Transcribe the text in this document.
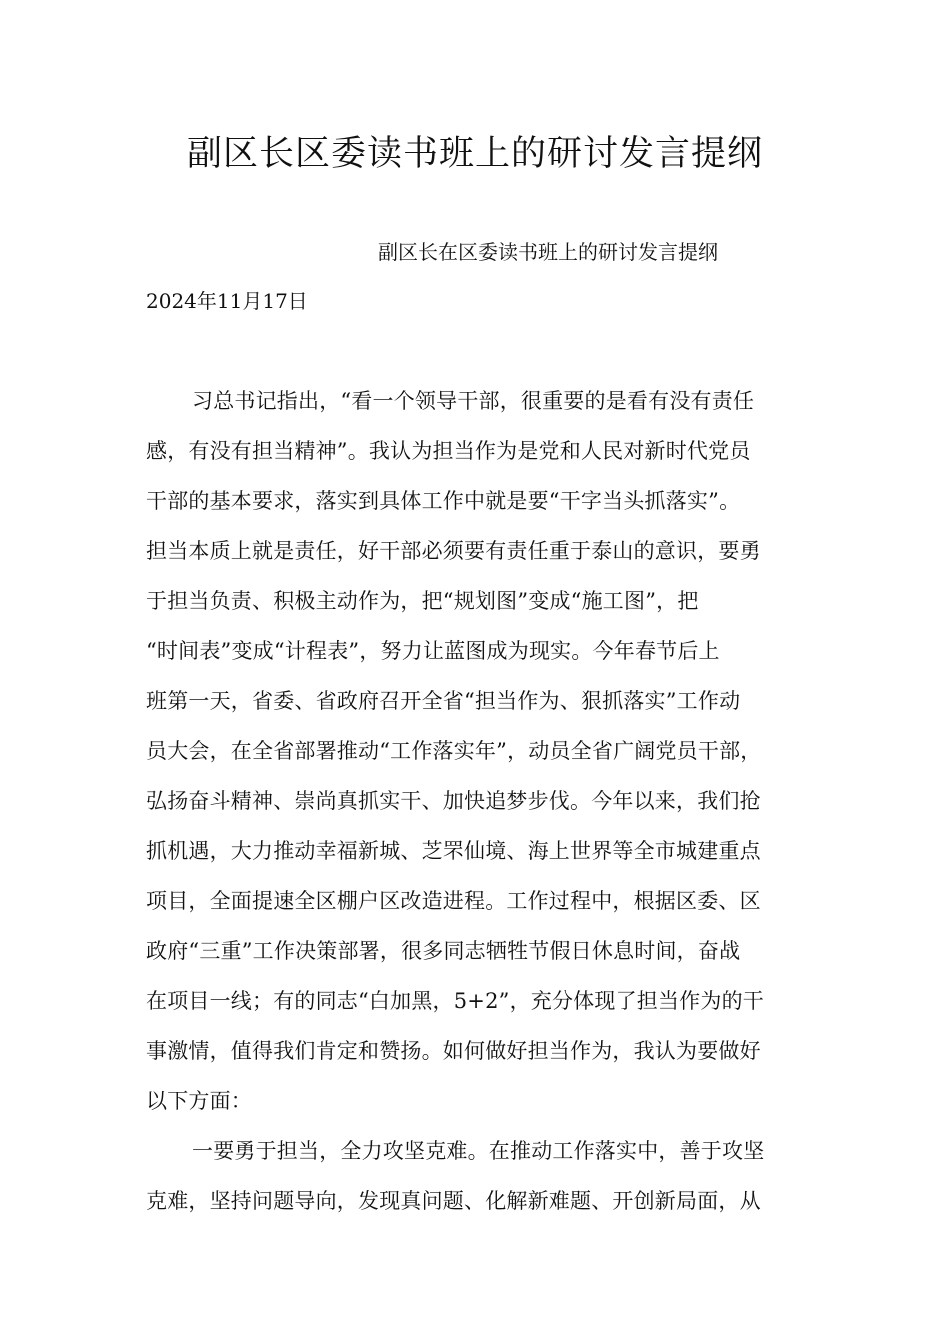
副区长区委读书班上的研讨发言提纲
副区长在区委读书班上的研讨发言提纲
2024年11月17日
习总书记指出，“看一个领导干部，很重要的是看有没有责任
感，有没有担当精神”。我认为担当作为是党和人民对新时代党员
干部的基本要求，落实到具体工作中就是要“干字当头抓落实”。
担当本质上就是责任，好干部必须要有责任重于泰山的意识，要勇
于担当负责、积极主动作为，把“规划图”变成“施工图”，把
“时间表”变成“计程表”，努力让蓝图成为现实。今年春节后上
班第一天，省委、省政府召开全省“担当作为、狠抓落实”工作动
员大会，在全省部署推动“工作落实年”，动员全省广阔党员干部，
弘扬奋斗精神、崇尚真抓实干、加快追梦步伐。今年以来，我们抢
抓机遇，大力推动幸福新城、芝罘仙境、海上世界等全市城建重点
项目，全面提速全区棚户区改造进程。工作过程中，根据区委、区
政府“三重”工作决策部署，很多同志牺牲节假日休息时间，奋战
在项目一线；有的同志“白加黑，5+2”，充分体现了担当作为的干
事激情，值得我们肯定和赞扬。如何做好担当作为，我认为要做好
以下方面：
一要勇于担当，全力攻坚克难。在推动工作落实中，善于攻坚
克难，坚持问题导向，发现真问题、化解新难题、开创新局面，从
